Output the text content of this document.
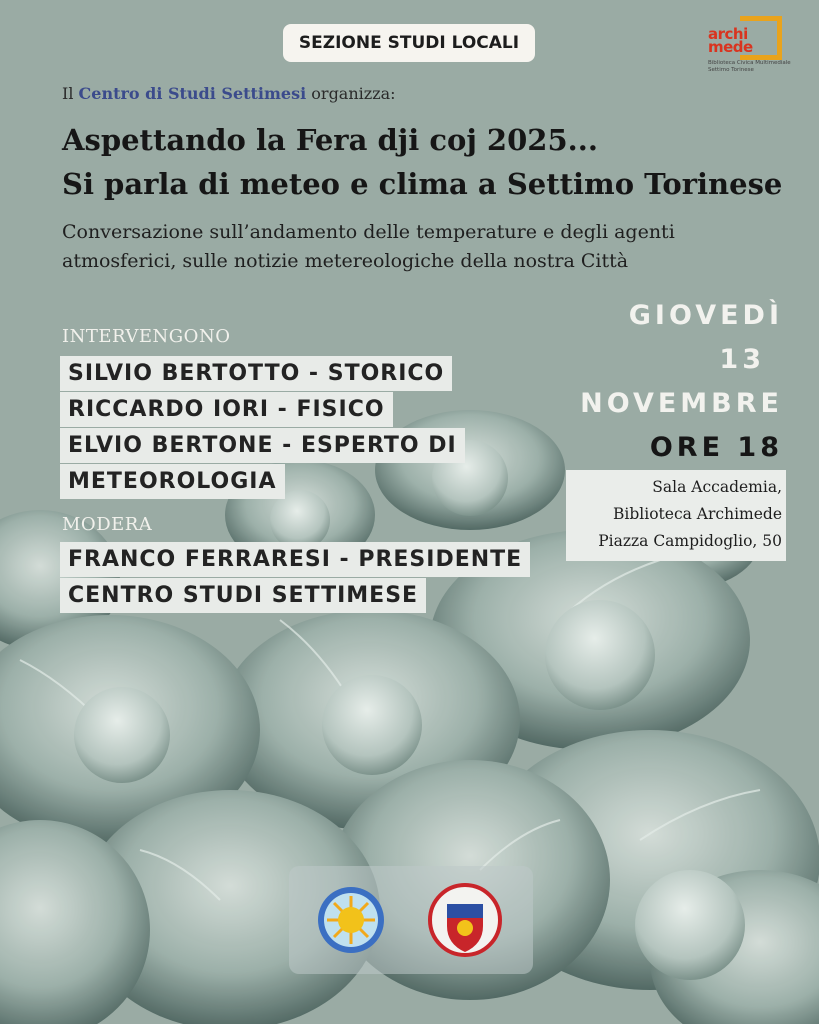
SEZIONE STUDI LOCALI	archi
mede
Biblioteca Civica Multimediale
Settimo Torinese
Il Centro di Studi Settimesi organizza:
Aspettando la Fera dji coj 2025...
Si parla di meteo e clima a Settimo Torinese
Conversazione sull’andamento delle temperature e degli agenti
atmosferici, sulle notizie metereologiche della nostra Città
INTERVENGONO
SILVIO BERTOTTO - STORICO
RICCARDO IORI - FISICO
ELVIO BERTONE - ESPERTO DI
METEOROLOGIA
MODERA
FRANCO FERRARESI - PRESIDENTE
CENTRO STUDI SETTIMESE
GIOVEDÌ
13
NOVEMBRE
ORE 18
Sala Accademia,
Biblioteca Archimede
Piazza Campidoglio, 50
